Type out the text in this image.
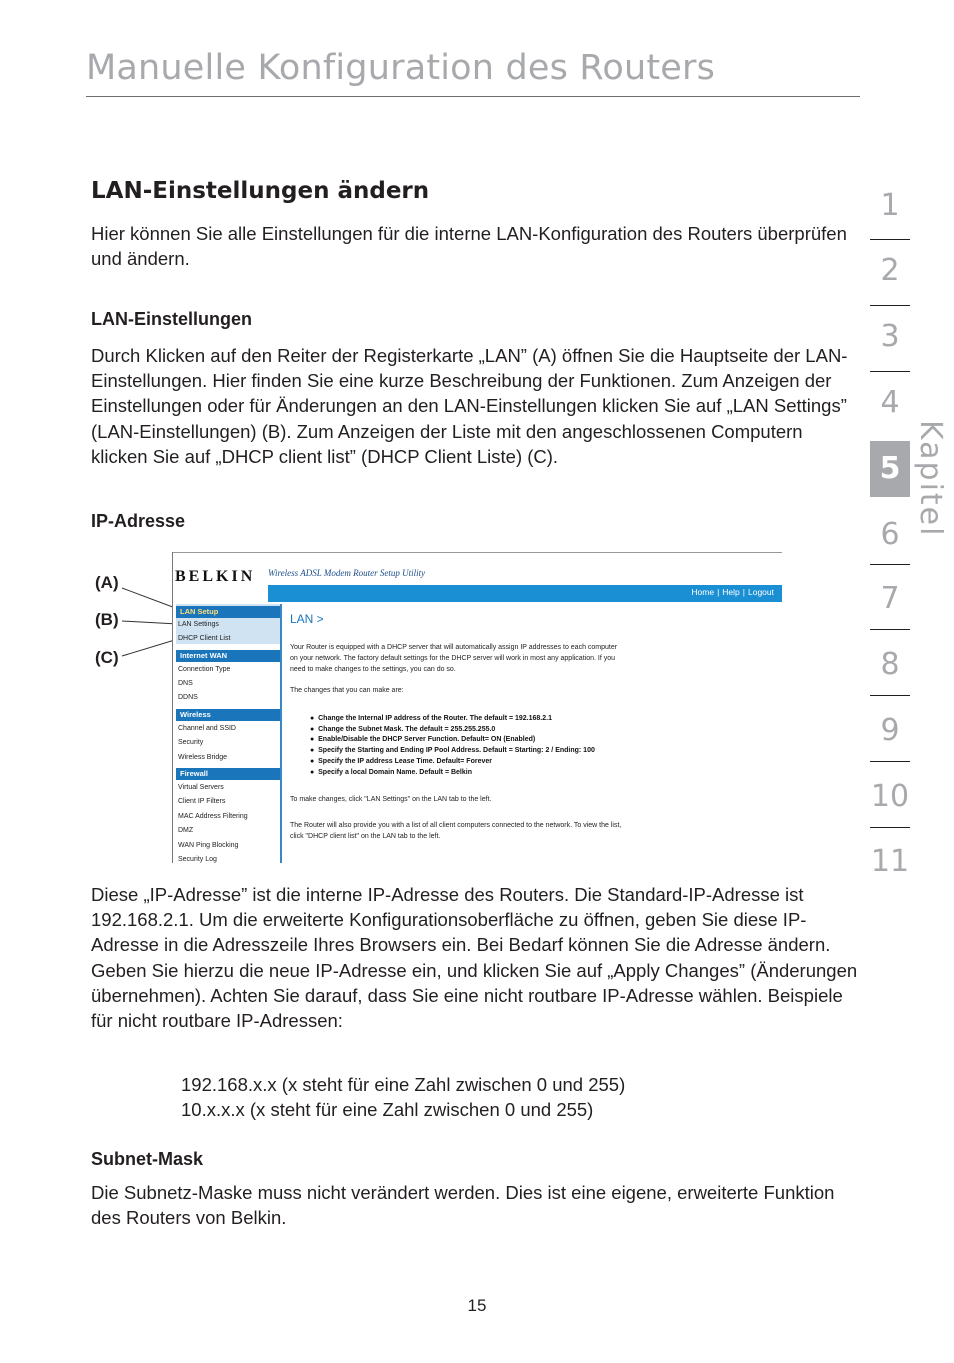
Manuelle Konfiguration des Routers
LAN-Einstellungen ändern

Hier können Sie alle Einstellungen für die interne LAN-Konfiguration des Routers überprüfen und ändern.

LAN-Einstellungen

Durch Klicken auf den Reiter der Registerkarte „LAN” (A) öffnen Sie die Hauptseite der LAN-Einstellungen. Hier finden Sie eine kurze Beschreibung der Funktionen. Zum Anzeigen der Einstellungen oder für Änderungen an den LAN-Einstellungen klicken Sie auf „LAN Settings” (LAN-Einstellungen) (B). Zum Anzeigen der Liste mit den angeschlossenen Computern klicken Sie auf „DHCP client list” (DHCP Client Liste) (C).

IP-Adresse
(A)
(B)
(C)
BELKIN Wireless ADSL Modem Router Setup Utility
Home | Help | Logout
LAN Setup
LAN Settings
DHCP Client List
Internet WAN
Connection Type
DNS
DDNS
Wireless
Channel and SSID
Security
Wireless Bridge
Firewall
Virtual Servers
Client IP Filters
MAC Address Filtering
DMZ
WAN Ping Blocking
Security Log
LAN >
Your Router is equipped with a DHCP server that will automatically assign IP addresses to each computer
on your network. The factory default settings for the DHCP server will work in most any application. If you
need to make changes to the settings, you can do so.
The changes that you can make are:
●  Change the Internal IP address of the Router. The default = 192.168.2.1
●  Change the Subnet Mask. The default = 255.255.255.0
●  Enable/Disable the DHCP Server Function. Default= ON (Enabled)
●  Specify the Starting and Ending IP Pool Address. Default = Starting: 2 / Ending: 100
●  Specify the IP address Lease Time. Default= Forever
●  Specify a local Domain Name. Default = Belkin
To make changes, click "LAN Settings" on the LAN tab to the left.
The Router will also provide you with a list of all client computers connected to the network. To view the list,
click "DHCP client list" on the LAN tab to the left.

Diese „IP-Adresse” ist die interne IP-Adresse des Routers. Die Standard-IP-Adresse ist 192.168.2.1. Um die erweiterte Konfigurationsoberfläche zu öffnen, geben Sie diese IP-Adresse in die Adresszeile Ihres Browsers ein. Bei Bedarf können Sie die Adresse ändern. Geben Sie hierzu die neue IP-Adresse ein, und klicken Sie auf „Apply Changes” (Änderungen übernehmen). Achten Sie darauf, dass Sie eine nicht routbare IP-Adresse wählen. Beispiele für nicht routbare IP-Adressen:

192.168.x.x (x steht für eine Zahl zwischen 0 und 255)

10.x.x.x (x steht für eine Zahl zwischen 0 und 255)

Subnet-Mask

Die Subnetz-Maske muss nicht verändert werden. Dies ist eine eigene, erweiterte Funktion des Routers von Belkin.

1
2
3
4
5
6
7
8
9
10
11
Kapitel
15
